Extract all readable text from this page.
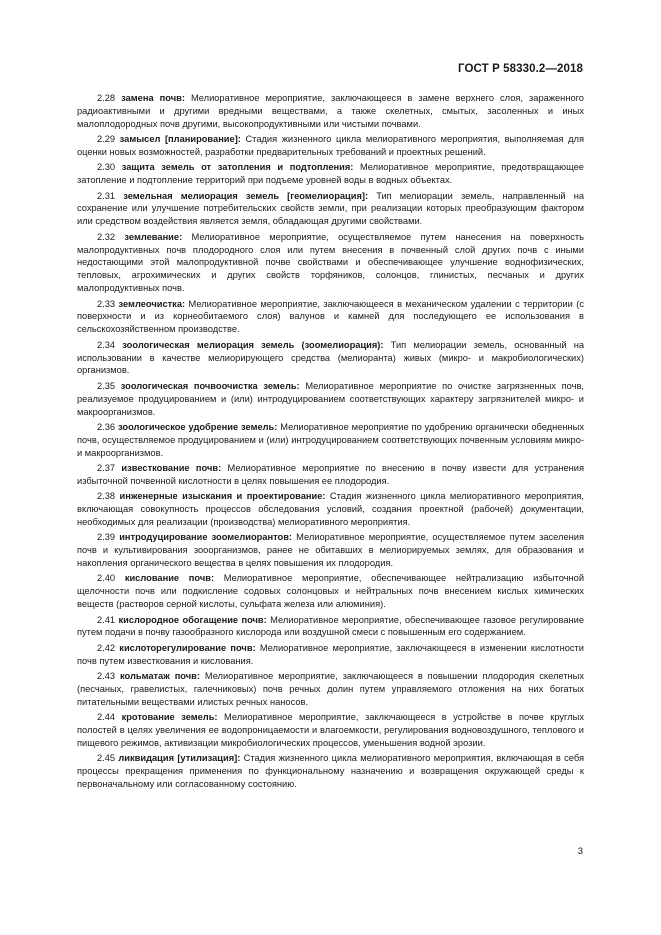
ГОСТ Р 58330.2—2018

2.28 замена почв: Мелиоративное мероприятие, заключающееся в замене верхнего слоя, зараженного радиоактивными и другими вредными веществами, а также скелетных, смытых, засоленных и иных малоплодородных почв другими, высокопродуктивными или чистыми почвами.

2.29 замысел [планирование]: Стадия жизненного цикла мелиоративного мероприятия, выполняемая для оценки новых возможностей, разработки предварительных требований и проектных решений.

2.30 защита земель от затопления и подтопления: Мелиоративное мероприятие, предотвращающее затопление и подтопление территорий при подъеме уровней воды в водных объектах.

2.31 земельная мелиорация земель [геомелиорация]: Тип мелиорации земель, направленный на сохранение или улучшение потребительских свойств земли, при реализации которых преобразующим фактором или средством воздействия является земля, обладающая другими свойствами.

2.32 землевание: Мелиоративное мероприятие, осуществляемое путем нанесения на поверхность малопродуктивных почв плодородного слоя или путем внесения в почвенный слой других почв с иными недостающими этой малопродуктивной почве свойствами и обеспечивающее улучшение воднофизических, тепловых, агрохимических и других свойств торфяников, солонцов, глинистых, песчаных и других малопродуктивных почв.

2.33 землеочистка: Мелиоративное мероприятие, заключающееся в механическом удалении с территории (с поверхности и из корнеобитаемого слоя) валунов и камней для последующего ее использования в сельскохозяйственном производстве.

2.34 зоологическая мелиорация земель (зоомелиорация): Тип мелиорации земель, основанный на использовании в качестве мелиорирующего средства (мелиоранта) живых (микро- и макробиологических) организмов.

2.35 зоологическая почвоочистка земель: Мелиоративное мероприятие по очистке загрязненных почв, реализуемое продуцированием и (или) интродуцированием соответствующих характеру загрязнителей микро- и макроорганизмов.

2.36 зоологическое удобрение земель: Мелиоративное мероприятие по удобрению органически обедненных почв, осуществляемое продуцированием и (или) интродуцированием соответствующих почвенным условиям микро- и макроорганизмов.

2.37 известкование почв: Мелиоративное мероприятие по внесению в почву извести для устранения избыточной почвенной кислотности в целях повышения ее плодородия.

2.38 инженерные изыскания и проектирование: Стадия жизненного цикла мелиоративного мероприятия, включающая совокупность процессов обследования условий, создания проектной (рабочей) документации, необходимых для реализации (производства) мелиоративного мероприятия.

2.39 интродуцирование зоомелиорантов: Мелиоративное мероприятие, осуществляемое путем заселения почв и культивирования зооорганизмов, ранее не обитавших в мелиорируемых землях, для образования и накопления органического вещества в целях повышения их плодородия.

2.40 кислование почв: Мелиоративное мероприятие, обеспечивающее нейтрализацию избыточной щелочности почв или подкисление содовых солонцовых и нейтральных почв внесением кислых химических веществ (растворов серной кислоты, сульфата железа или алюминия).

2.41 кислородное обогащение почв: Мелиоративное мероприятие, обеспечивающее газовое регулирование путем подачи в почву газообразного кислорода или воздушной смеси с повышенным его содержанием.

2.42 кислоторегулирование почв: Мелиоративное мероприятие, заключающееся в изменении кислотности почв путем известкования и кислования.

2.43 кольматаж почв: Мелиоративное мероприятие, заключающееся в повышении плодородия скелетных (песчаных, гравелистых, галечниковых) почв речных долин путем управляемого отложения на них богатых питательными веществами илистых речных наносов.

2.44 кротование земель: Мелиоративное мероприятие, заключающееся в устройстве в почве круглых полостей в целях увеличения ее водопроницаемости и влагоемкости, регулирования водновоздушного, теплового и пищевого режимов, активизации микробиологических процессов, уменьшения водной эрозии.

2.45 ликвидация [утилизация]: Стадия жизненного цикла мелиоративного мероприятия, включающая в себя процессы прекращения применения по функциональному назначению и возвращения окружающей среды к первоначальному или согласованному состоянию.

3
